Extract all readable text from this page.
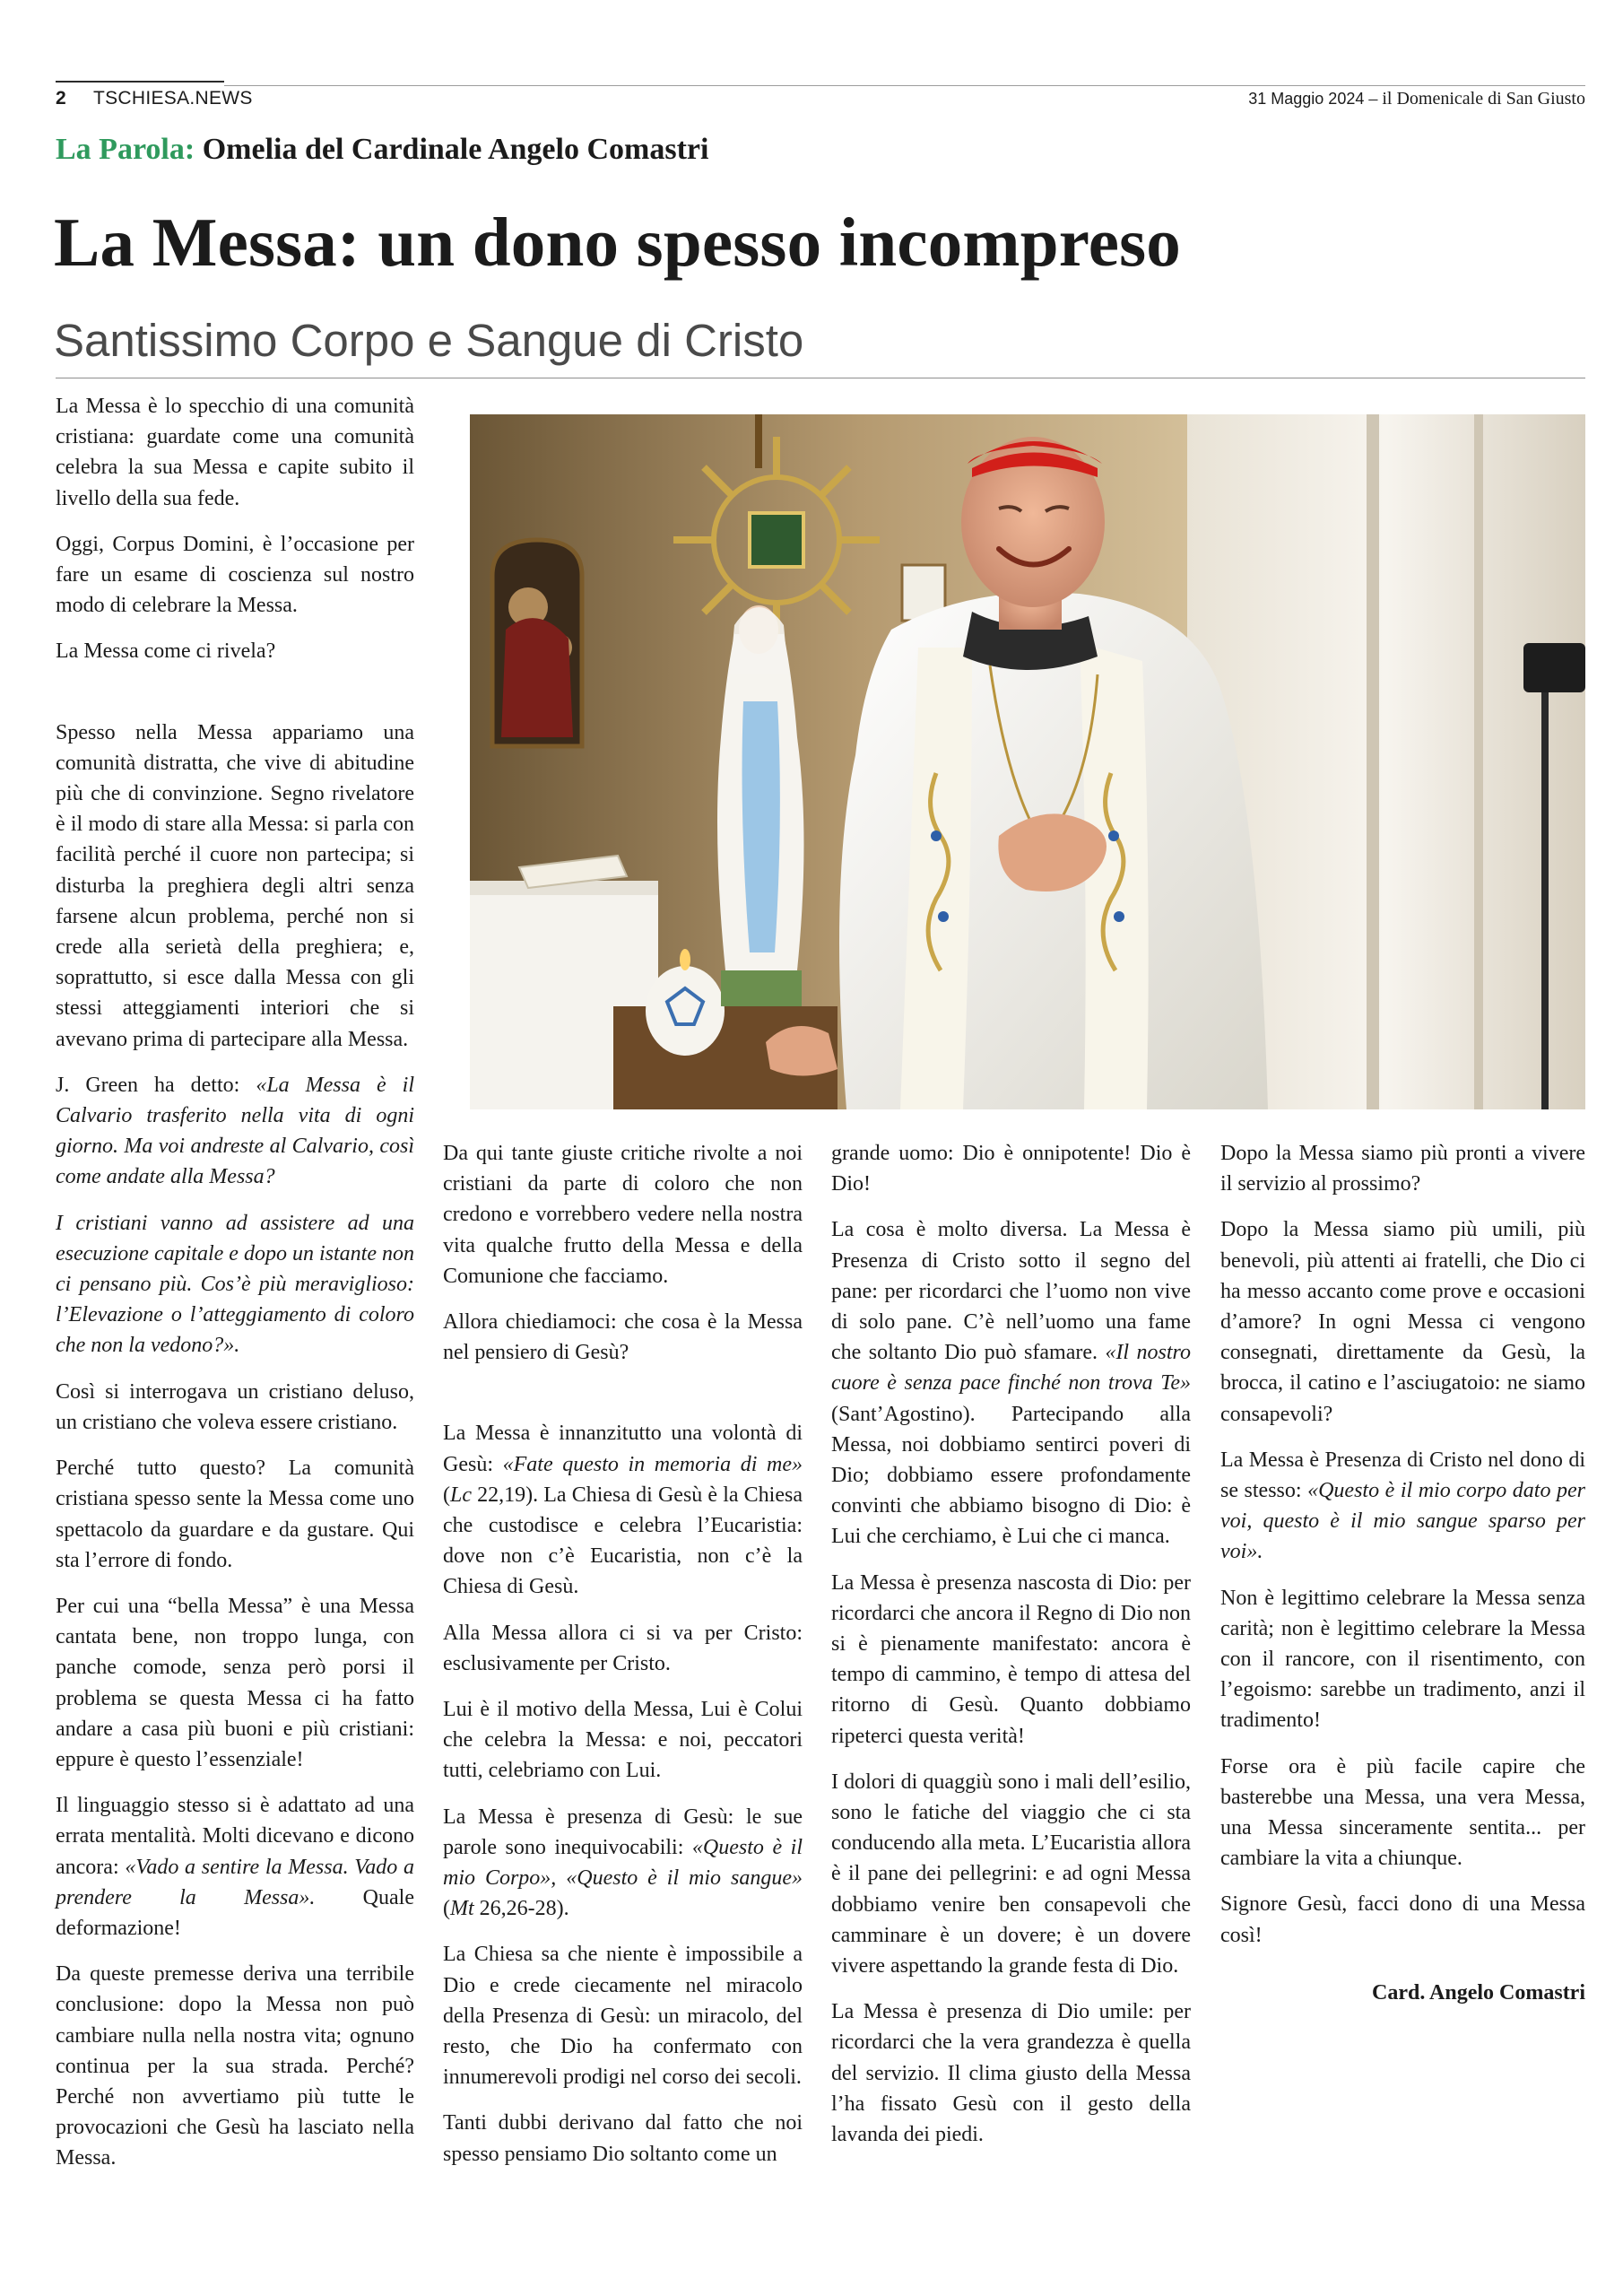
2 TSCHIESA.NEWS	31 Maggio 2024 – il Domenicale di San Giusto
La Parola: Omelia del Cardinale Angelo Comastri
La Messa: un dono spesso incompreso
Santissimo Corpo e Sangue di Cristo

La Messa è lo specchio di una comunità cristiana: guardate come una comunità celebra la sua Messa e capite subito il livello della sua fede.

Oggi, Corpus Domini, è l’occasione per fare un esame di coscienza sul nostro modo di celebrare la Messa.

La Messa come ci rivela?

Spesso nella Messa appariamo una comunità distratta, che vive di abitudine più che di convinzione. Segno rivelatore è il modo di stare alla Messa: si parla con facilità perché il cuore non partecipa; si disturba la preghiera degli altri senza farsene alcun problema, perché non si crede alla serietà della preghiera; e, soprattutto, si esce dalla Messa con gli stessi atteggiamenti interiori che si avevano prima di partecipare alla Messa.

J. Green ha detto: «La Messa è il Calvario trasferito nella vita di ogni giorno. Ma voi andreste al Calvario, così come andate alla Messa?

I cristiani vanno ad assistere ad una esecuzione capitale e dopo un istante non ci pensano più. Cos’è più meraviglioso: l’Elevazione o l’atteggiamento di coloro che non la vedono?».

Così si interrogava un cristiano deluso, un cristiano che voleva essere cristiano.

Perché tutto questo? La comunità cristiana spesso sente la Messa come uno spettacolo da guardare e da gustare. Qui sta l’errore di fondo.

Per cui una “bella Messa” è una Messa cantata bene, non troppo lunga, con panche comode, senza però porsi il problema se questa Messa ci ha fatto andare a casa più buoni e più cristiani: eppure è questo l’essenziale!

Il linguaggio stesso si è adattato ad una errata mentalità. Molti dicevano e dicono ancora: «Vado a sentire la Messa. Vado a prendere la Messa». Quale deformazione!

Da queste premesse deriva una terribile conclusione: dopo la Messa non può cambiare nulla nella nostra vita; ognuno continua per la sua strada. Perché? Perché non avvertiamo più tutte le provocazioni che Gesù ha lasciato nella Messa.

Da qui tante giuste critiche rivolte a noi cristiani da parte di coloro che non credono e vorrebbero vedere nella nostra vita qualche frutto della Messa e della Comunione che facciamo.

Allora chiediamoci: che cosa è la Messa nel pensiero di Gesù?

La Messa è innanzitutto una volontà di Gesù: «Fate questo in memoria di me» (Lc 22,19). La Chiesa di Gesù è la Chiesa che custodisce e celebra l’Eucaristia: dove non c’è Eucaristia, non c’è la Chiesa di Gesù.

Alla Messa allora ci si va per Cristo: esclusivamente per Cristo.

Lui è il motivo della Messa, Lui è Colui che celebra la Messa: e noi, peccatori tutti, celebriamo con Lui.

La Messa è presenza di Gesù: le sue parole sono inequivocabili: «Questo è il mio Corpo», «Questo è il mio sangue» (Mt 26,26-28).

La Chiesa sa che niente è impossibile a Dio e crede ciecamente nel miracolo della Presenza di Gesù: un miracolo, del resto, che Dio ha confermato con innumerevoli prodigi nel corso dei secoli.

Tanti dubbi derivano dal fatto che noi spesso pensiamo Dio soltanto come un

grande uomo: Dio è onnipotente! Dio è Dio!

La cosa è molto diversa. La Messa è Presenza di Cristo sotto il segno del pane: per ricordarci che l’uomo non vive di solo pane. C’è nell’uomo una fame che soltanto Dio può sfamare. «Il nostro cuore è senza pace finché non trova Te» (Sant’Agostino). Partecipando alla Messa, noi dobbiamo sentirci poveri di Dio; dobbiamo essere profondamente convinti che abbiamo bisogno di Dio: è Lui che cerchiamo, è Lui che ci manca.

La Messa è presenza nascosta di Dio: per ricordarci che ancora il Regno di Dio non si è pienamente manifestato: ancora è tempo di cammino, è tempo di attesa del ritorno di Gesù. Quanto dobbiamo ripeterci questa verità!

I dolori di quaggiù sono i mali dell’esilio, sono le fatiche del viaggio che ci sta conducendo alla meta. L’Eucaristia allora è il pane dei pellegrini: e ad ogni Messa dobbiamo venire ben consapevoli che camminare è un dovere; è un dovere vivere aspettando la grande festa di Dio.

La Messa è presenza di Dio umile: per ricordarci che la vera grandezza è quella del servizio. Il clima giusto della Messa l’ha fissato Gesù con il gesto della lavanda dei piedi.

Dopo la Messa siamo più pronti a vivere il servizio al prossimo?

Dopo la Messa siamo più umili, più benevoli, più attenti ai fratelli, che Dio ci ha messo accanto come prove e occasioni d’amore? In ogni Messa ci vengono consegnati, direttamente da Gesù, la brocca, il catino e l’asciugatoio: ne siamo consapevoli?

La Messa è Presenza di Cristo nel dono di se stesso: «Questo è il mio corpo dato per voi, questo è il mio sangue sparso per voi».

Non è legittimo celebrare la Messa senza carità; non è legittimo celebrare la Messa con il rancore, con il risentimento, con l’egoismo: sarebbe un tradimento, anzi il tradimento!

Forse ora è più facile capire che basterebbe una Messa, una vera Messa, una Messa sinceramente sentita... per cambiare la vita a chiunque.

Signore Gesù, facci dono di una Messa così!

Card. Angelo Comastri
